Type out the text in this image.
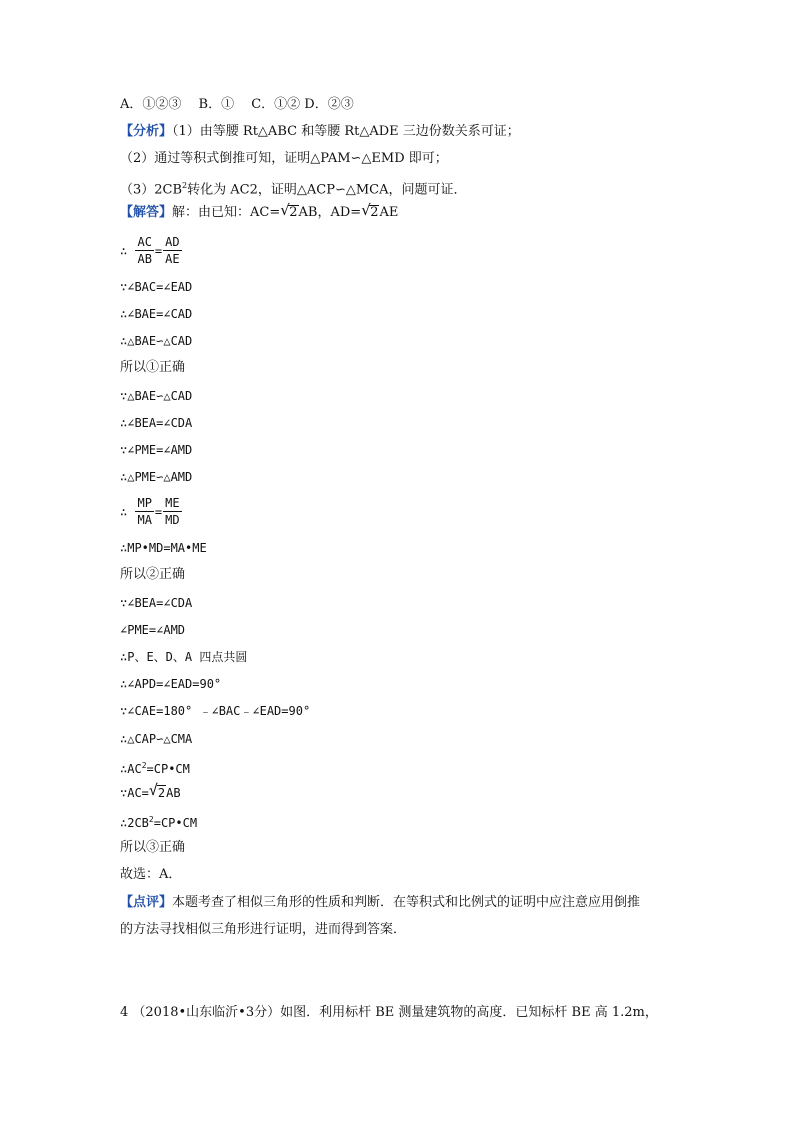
A．①②③　 B．①　 C．①② D．②③
【分析】（1）由等腰 Rt△ABC 和等腰 Rt△ADE 三边份数关系可证；
（2）通过等积式倒推可知，证明△PAM∽△EMD 即可；
$(3)2CB^2$转化为 AC2，证明△ACP∽△MCA，问题可证．
【解答】解：由已知：AC= √ 2AB，AD= √ 2AE
∴ $\frac{AC}{AB} = \frac{AD}{AE}$
∵∠BAC=∠EAD
∴∠BAE=∠CAD
∴△BAE∽△CAD
所以①正确
∵△BAE∽△CAD
∴∠BEA=∠CDA
∵∠PME=∠AMD
∴△PME∽△AMD
∴ $\frac{MP}{MA} = \frac{ME}{MD}$
∴MP•MD=MA•ME
所以②正确
∵∠BEA=∠CDA
∠PME=∠AMD
∴P、E、D、A 四点共圆
∴∠APD=∠EAD=90°
∵∠CAE=180° ﹣∠BAC﹣∠EAD=90°
∴△CAP∽△CMA
$\therefore AC^2=CP•CM$
∵AC= √ 2AB
$\therefore 2CB^2=CP•CM$
所以③正确
故选：A．
【点评】本题考查了相似三角形的性质和判断．在等积式和比例式的证明中应注意应用倒推
的方法寻找相似三角形进行证明，进而得到答案．
4 （2018•山东临沂•3分）如图．利用标杆 BE 测量建筑物的高度．已知标杆 BE 高 1.2m，
